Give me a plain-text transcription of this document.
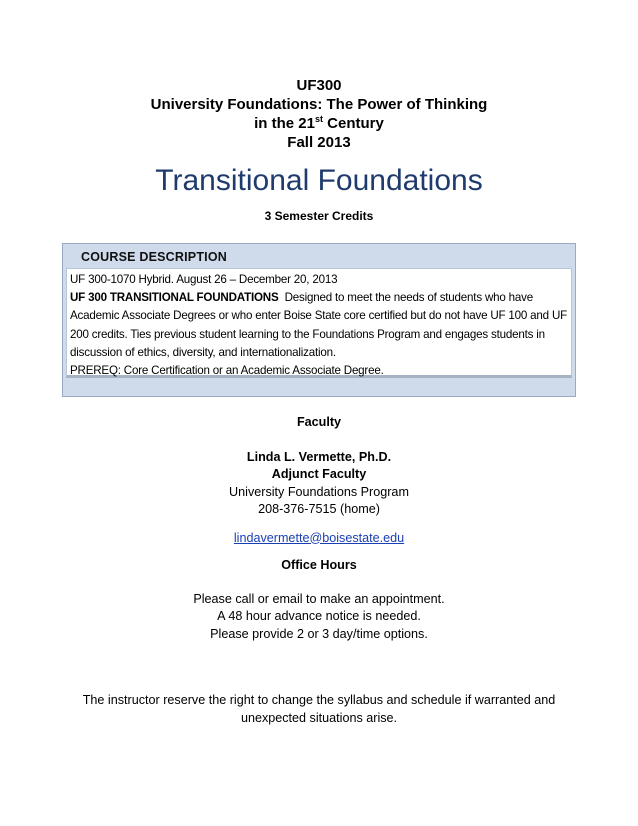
UF300
University Foundations: The Power of Thinking
in the 21st Century
Fall 2013
Transitional Foundations
3 Semester Credits
COURSE DESCRIPTION

UF 300-1070 Hybrid. August 26 – December 20, 2013

UF 300 TRANSITIONAL FOUNDATIONS Designed to meet the needs of students who have Academic Associate Degrees or who enter Boise State core certified but do not have UF 100 and UF 200 credits. Ties previous student learning to the Foundations Program and engages students in discussion of ethics, diversity, and internationalization.

PREREQ: Core Certification or an Academic Associate Degree.

Faculty
Linda L. Vermette, Ph.D.
Adjunct Faculty
University Foundations Program
208-376-7515 (home)
lindavermette@boisestate.edu
Office Hours
Please call or email to make an appointment.
A 48 hour advance notice is needed.
Please provide 2 or 3 day/time options.
The instructor reserve the right to change the syllabus and schedule if warranted and unexpected situations arise.
